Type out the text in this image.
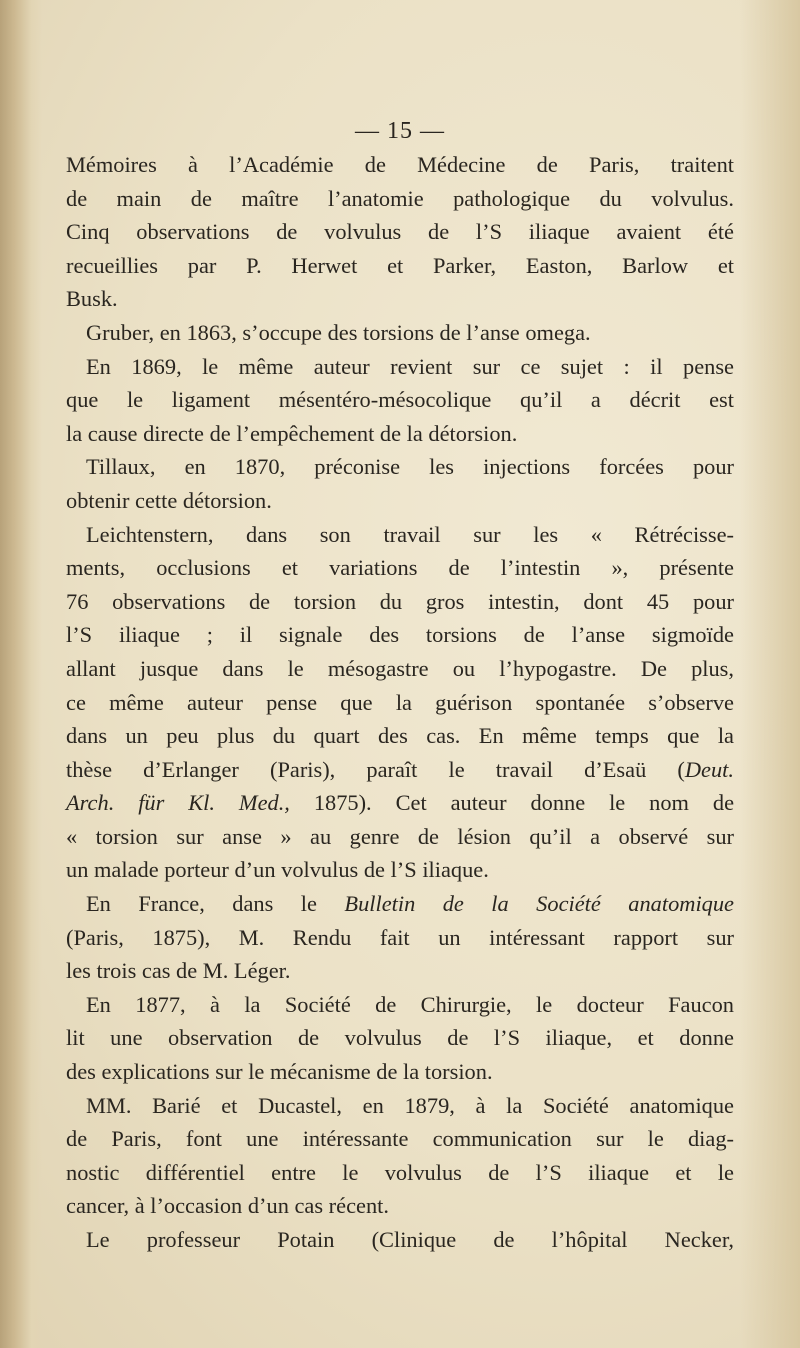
— 15 —
Mémoires à l’Académie de Médecine de Paris, traitent
de main de maître l’anatomie pathologique du volvulus.
Cinq observations de volvulus de l’S iliaque avaient été
recueillies par P. Herwet et Parker, Easton, Barlow et
Busk.
Gruber, en 1863, s’occupe des torsions de l’anse omega.
En 1869, le même auteur revient sur ce sujet : il pense
que le ligament mésentéro-mésocolique qu’il a décrit est
la cause directe de l’empêchement de la détorsion.
Tillaux, en 1870, préconise les injections forcées pour
obtenir cette détorsion.
Leichtenstern, dans son travail sur les « Rétrécisse-
ments, occlusions et variations de l’intestin », présente
76 observations de torsion du gros intestin, dont 45 pour
l’S iliaque ; il signale des torsions de l’anse sigmoïde
allant jusque dans le mésogastre ou l’hypogastre. De plus,
ce même auteur pense que la guérison spontanée s’observe
dans un peu plus du quart des cas. En même temps que la
thèse d’Erlanger (Paris), paraît le travail d’Esaü (Deut.
Arch. für Kl. Med., 1875). Cet auteur donne le nom de
« torsion sur anse » au genre de lésion qu’il a observé sur
un malade porteur d’un volvulus de l’S iliaque.
En France, dans le Bulletin de la Société anatomique
(Paris, 1875), M. Rendu fait un intéressant rapport sur
les trois cas de M. Léger.
En 1877, à la Société de Chirurgie, le docteur Faucon
lit une observation de volvulus de l’S iliaque, et donne
des explications sur le mécanisme de la torsion.
MM. Barié et Ducastel, en 1879, à la Société anatomique
de Paris, font une intéressante communication sur le diag-
nostic différentiel entre le volvulus de l’S iliaque et le
cancer, à l’occasion d’un cas récent.
Le professeur Potain (Clinique de l’hôpital Necker,
